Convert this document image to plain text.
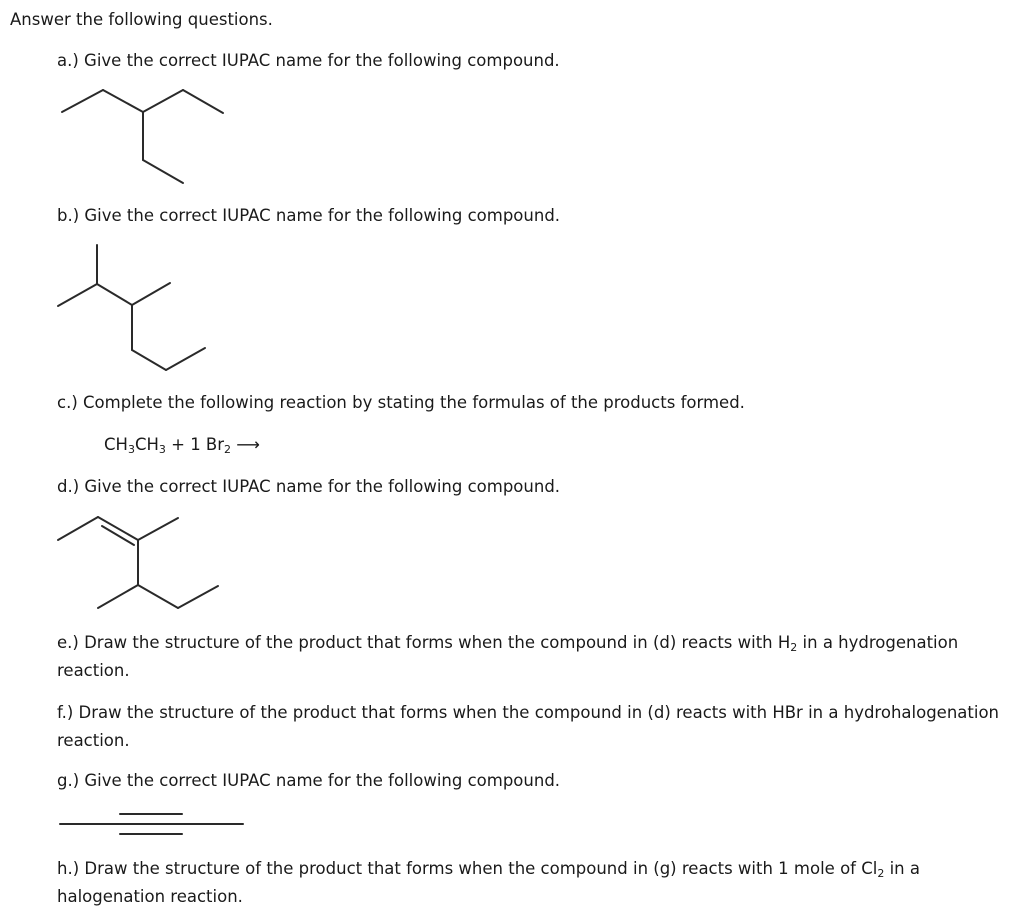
Answer the following questions.
a.) Give the correct IUPAC name for the following compound.
b.) Give the correct IUPAC name for the following compound.
c.) Complete the following reaction by stating the formulas of the products formed.
$CH_3CH_3 + 1$ $Br_2$ ⟶
d.) Give the correct IUPAC name for the following compound.
e.) Draw the structure of the product that forms when the compound in (d) reacts with $H_2$ in a hydrogenation reaction.
f.) Draw the structure of the product that forms when the compound in (d) reacts with HBr in a hydrohalogenation reaction.
g.) Give the correct IUPAC name for the following compound.
h.) Draw the structure of the product that forms when the compound in (g) reacts with 1 mole of $Cl_2$ in a halogenation reaction.
